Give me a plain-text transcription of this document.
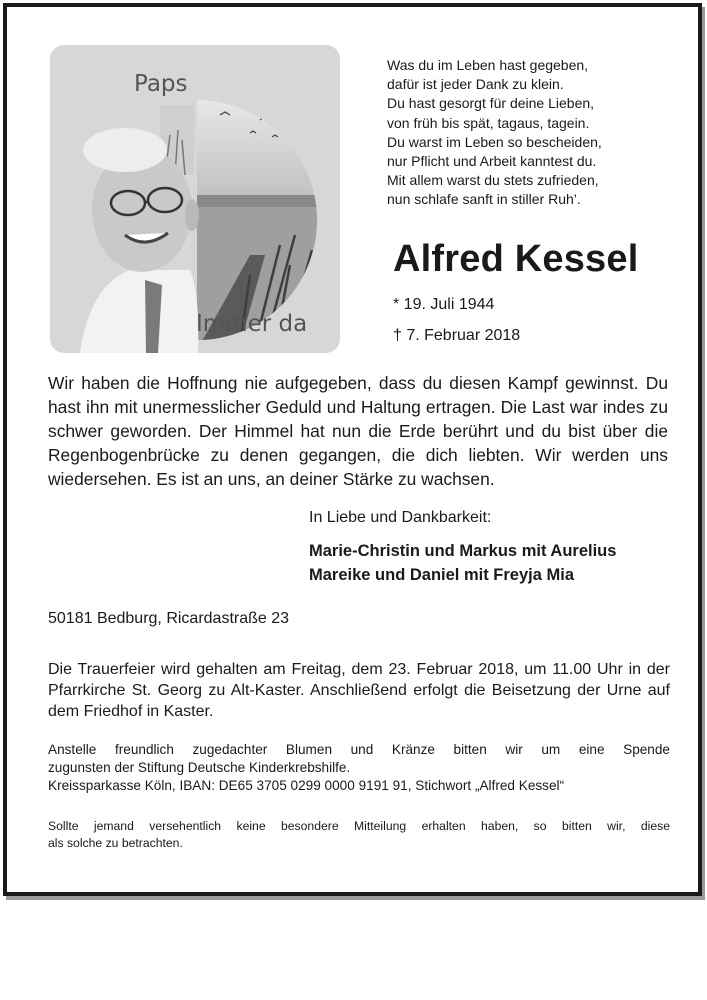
Paps
Immer da
Was du im Leben hast gegeben,
dafür ist jeder Dank zu klein.
Du hast gesorgt für deine Lieben,
von früh bis spät, tagaus, tagein.
Du warst im Leben so bescheiden,
nur Pflicht und Arbeit kanntest du.
Mit allem warst du stets zufrieden,
nun schlafe sanft in stiller Ruh’.
Alfred Kessel
* 19. Juli 1944
† 7. Februar 2018
Wir haben die Hoffnung nie aufgegeben, dass du diesen Kampf gewinnst. Du hast ihn mit unermesslicher Geduld und Haltung ertragen. Die Last war indes zu schwer geworden. Der Himmel hat nun die Erde berührt und du bist über die Regenbogenbrücke zu denen gegangen, die dich liebten. Wir werden uns wiedersehen. Es ist an uns, an deiner Stärke zu wachsen.
In Liebe und Dankbarkeit:
Marie-Christin und Markus mit Aurelius
Mareike und Daniel mit Freyja Mia
50181 Bedburg, Ricardastraße 23
Die Trauerfeier wird gehalten am Freitag, dem 23. Februar 2018, um 11.00 Uhr in der Pfarrkirche St. Georg zu Alt-Kaster. Anschließend erfolgt die Beisetzung der Urne auf dem Friedhof in Kaster.
Anstelle freundlich zugedachter Blumen und Kränze bitten wir um eine Spende
zugunsten der Stiftung Deutsche Kinderkrebshilfe.
Kreissparkasse Köln, IBAN: DE65 3705 0299 0000 9191 91, Stichwort „Alfred Kessel“
Sollte jemand versehentlich keine besondere Mitteilung erhalten haben, so bitten wir, diese
als solche zu betrachten.
